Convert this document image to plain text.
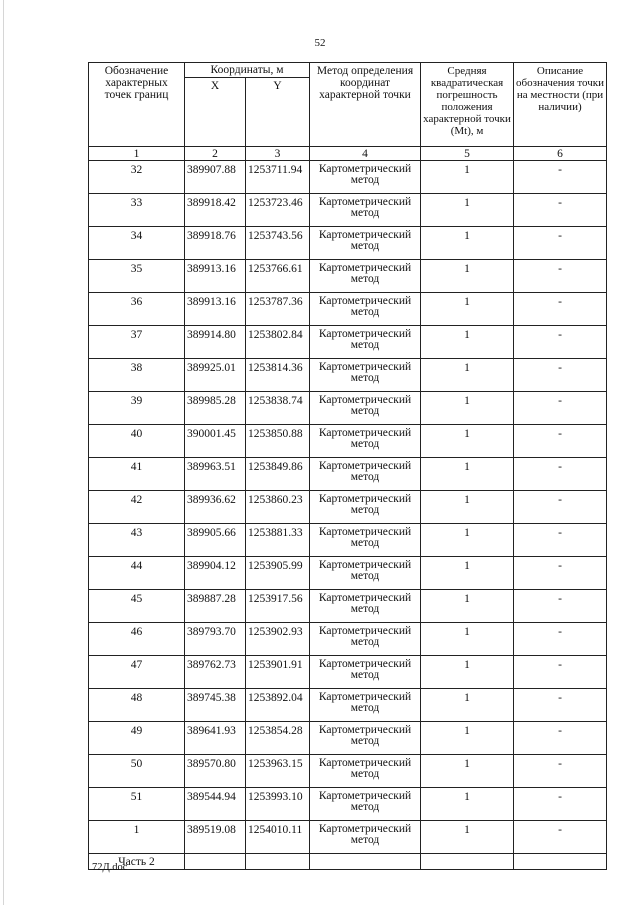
52
Обозначение характерных точек границ	Координаты, м		Метод определения координат характерной точки	Средняя квадратическая погрешность положения характерной точки (Mt), м	Описание обозначения точки на местности (при наличии)
	X	Y			
1	2	3	4	5	6
32	389907.88	1253711.94	Картометрический метод	1	-
33	389918.42	1253723.46	Картометрический метод	1	-
34	389918.76	1253743.56	Картометрический метод	1	-
35	389913.16	1253766.61	Картометрический метод	1	-
36	389913.16	1253787.36	Картометрический метод	1	-
37	389914.80	1253802.84	Картометрический метод	1	-
38	389925.01	1253814.36	Картометрический метод	1	-
39	389985.28	1253838.74	Картометрический метод	1	-
40	390001.45	1253850.88	Картометрический метод	1	-
41	389963.51	1253849.86	Картометрический метод	1	-
42	389936.62	1253860.23	Картометрический метод	1	-
43	389905.66	1253881.33	Картометрический метод	1	-
44	389904.12	1253905.99	Картометрический метод	1	-
45	389887.28	1253917.56	Картометрический метод	1	-
46	389793.70	1253902.93	Картометрический метод	1	-
47	389762.73	1253901.91	Картометрический метод	1	-
48	389745.38	1253892.04	Картометрический метод	1	-
49	389641.93	1253854.28	Картометрический метод	1	-
50	389570.80	1253963.15	Картометрический метод	1	-
51	389544.94	1253993.10	Картометрический метод	1	-
1	389519.08	1254010.11	Картометрический метод	1	-
Часть 2					
72Д.doc
